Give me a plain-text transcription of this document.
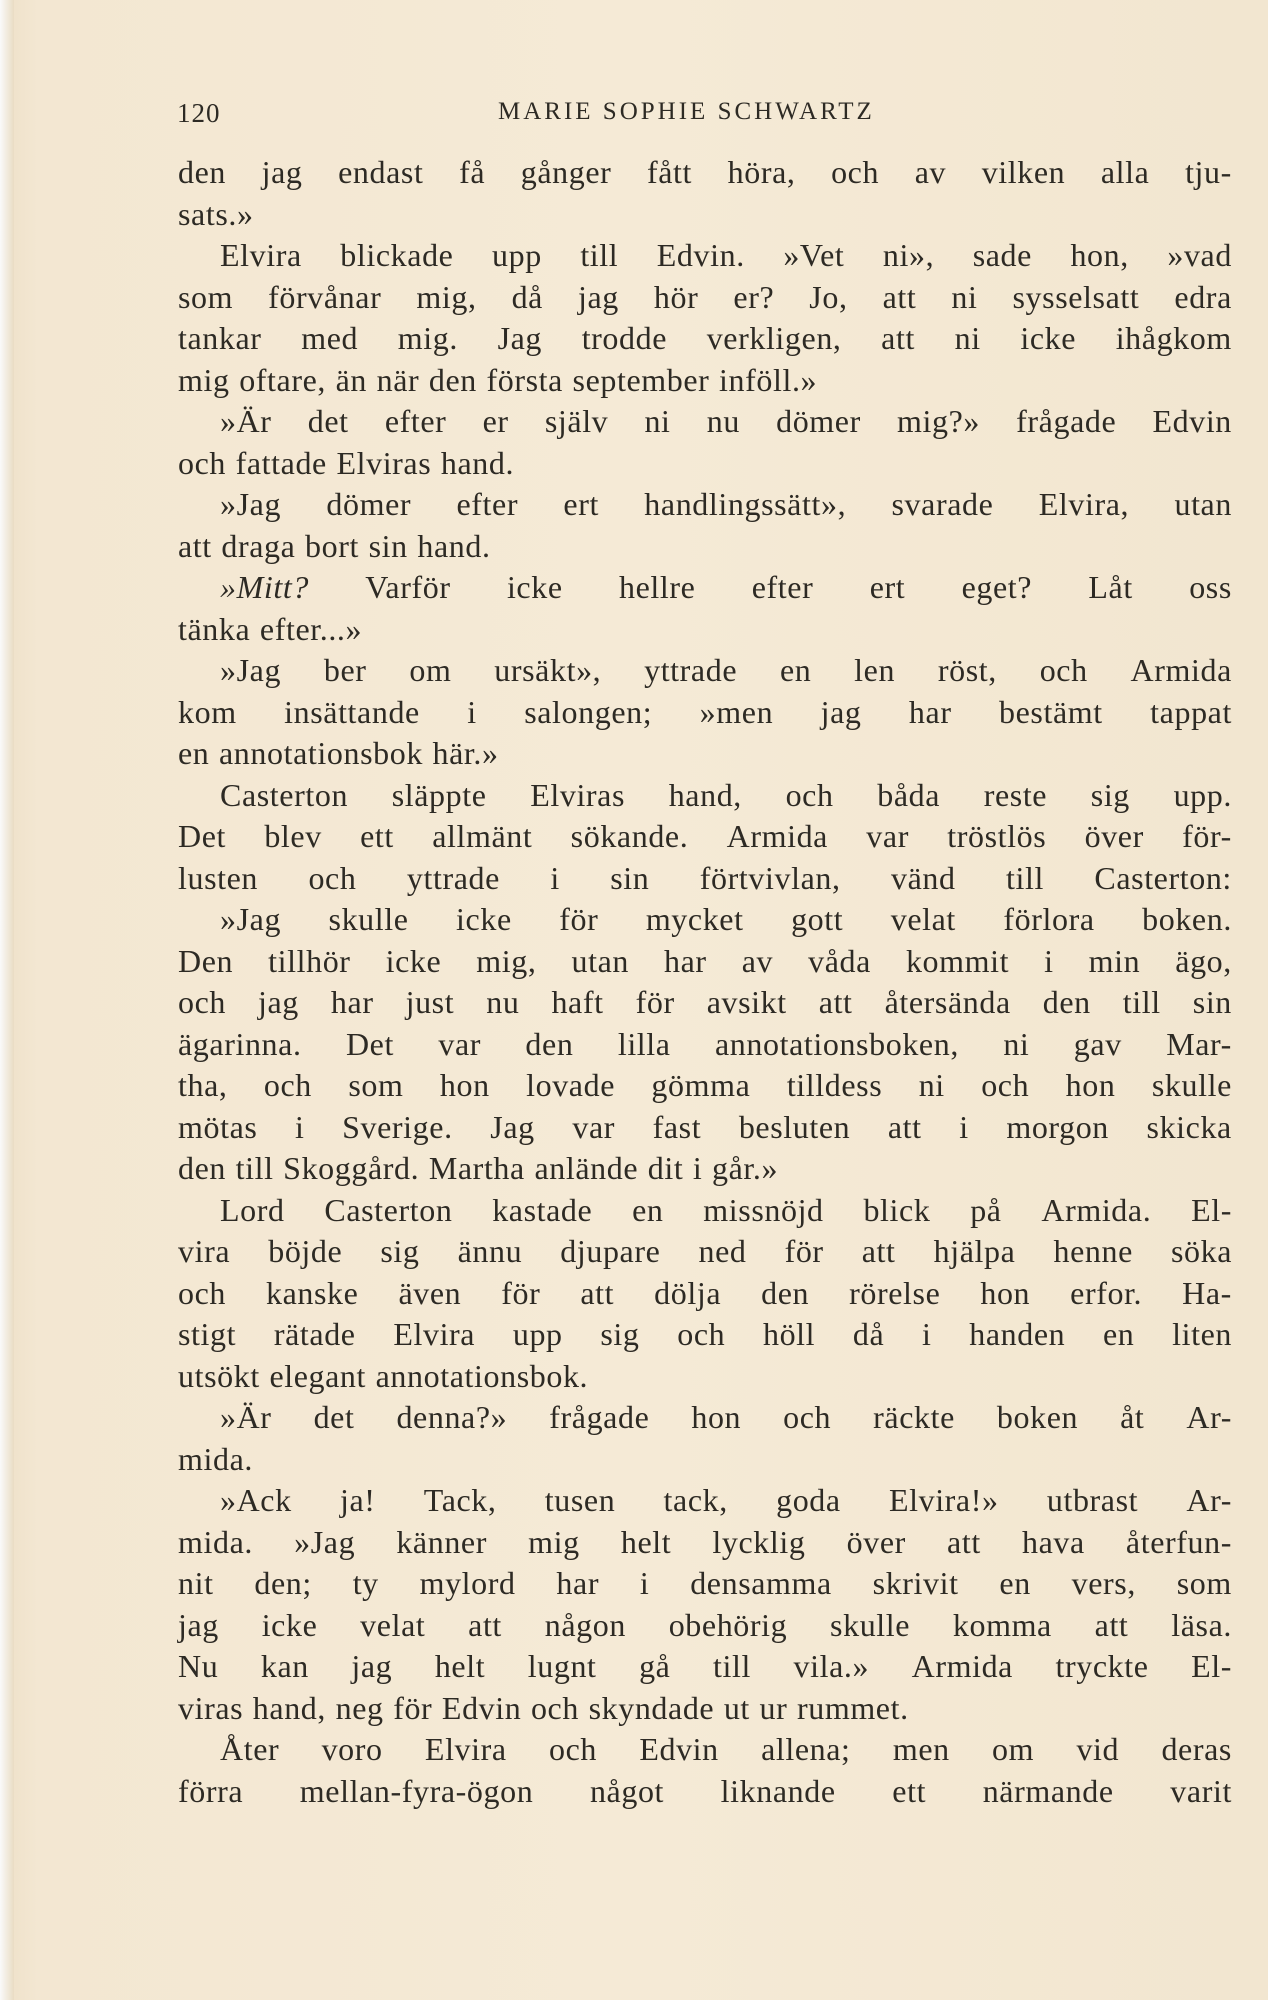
120	MARIE SOPHIE SCHWARTZ
den jag endast få gånger fått höra, och av vilken alla tju-
sats.»
Elvira blickade upp till Edvin. »Vet ni», sade hon, »vad
som förvånar mig, då jag hör er? Jo, att ni sysselsatt edra
tankar med mig. Jag trodde verkligen, att ni icke ihågkom
mig oftare, än när den första september inföll.»
»Är det efter er själv ni nu dömer mig?» frågade Edvin
och fattade Elviras hand.
»Jag dömer efter ert handlingssätt», svarade Elvira, utan
att draga bort sin hand.
»Mitt? Varför icke hellre efter ert eget? Låt oss
tänka efter...»
»Jag ber om ursäkt», yttrade en len röst, och Armida
kom insättande i salongen; »men jag har bestämt tappat
en annotationsbok här.»
Casterton släppte Elviras hand, och båda reste sig upp.
Det blev ett allmänt sökande. Armida var tröstlös över för-
lusten och yttrade i sin förtvivlan, vänd till Casterton:
»Jag skulle icke för mycket gott velat förlora boken.
Den tillhör icke mig, utan har av våda kommit i min ägo,
och jag har just nu haft för avsikt att återsända den till sin
ägarinna. Det var den lilla annotationsboken, ni gav Mar-
tha, och som hon lovade gömma tilldess ni och hon skulle
mötas i Sverige. Jag var fast besluten att i morgon skicka
den till Skoggård. Martha anlände dit i går.»
Lord Casterton kastade en missnöjd blick på Armida. El-
vira böjde sig ännu djupare ned för att hjälpa henne söka
och kanske även för att dölja den rörelse hon erfor. Ha-
stigt rätade Elvira upp sig och höll då i handen en liten
utsökt elegant annotationsbok.
»Är det denna?» frågade hon och räckte boken åt Ar-
mida.
»Ack ja! Tack, tusen tack, goda Elvira!» utbrast Ar-
mida. »Jag känner mig helt lycklig över att hava återfun-
nit den; ty mylord har i densamma skrivit en vers, som
jag icke velat att någon obehörig skulle komma att läsa.
Nu kan jag helt lugnt gå till vila.» Armida tryckte El-
viras hand, neg för Edvin och skyndade ut ur rummet.
Åter voro Elvira och Edvin allena; men om vid deras
förra mellan-fyra-ögon något liknande ett närmande varit
